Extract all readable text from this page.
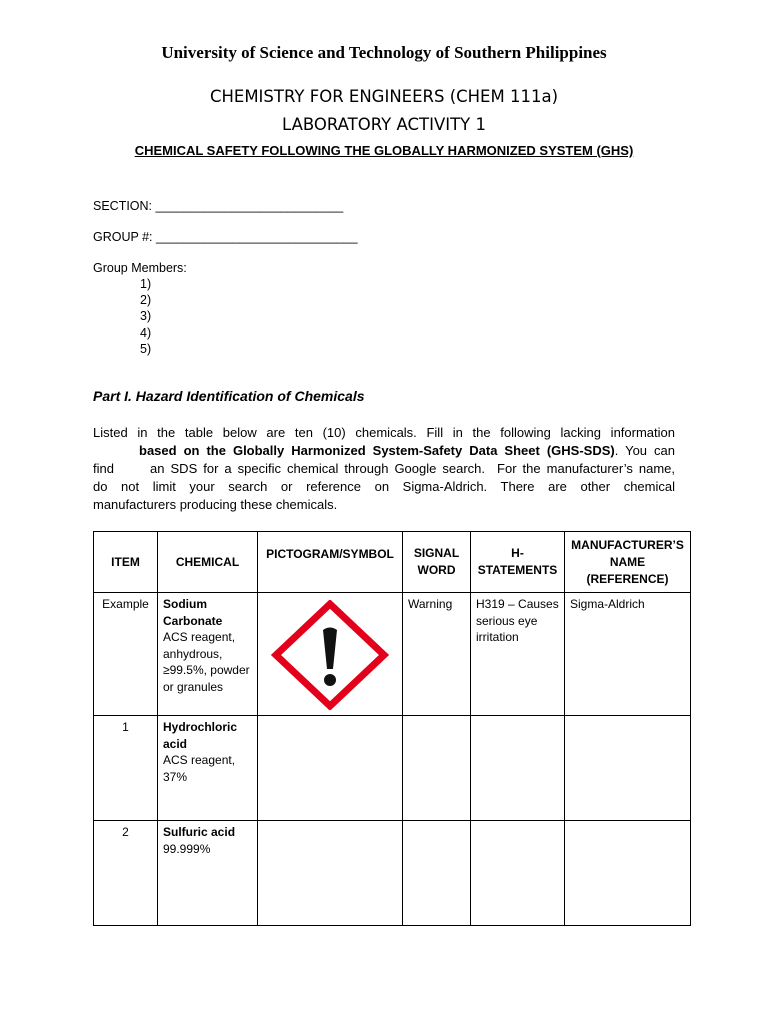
University of Science and Technology of Southern Philippines
CHEMISTRY FOR ENGINEERS (CHEM 111a)
LABORATORY ACTIVITY 1
CHEMICAL SAFETY FOLLOWING THE GLOBALLY HARMONIZED SYSTEM (GHS)
SECTION: ___________________________
GROUP #: _____________________________
Group Members:
1)
2)
3)
4)
5)
Part I. Hazard Identification of Chemicals
Listed in the table below are ten (10) chemicals. Fill in the following lacking information
based on the Globally Harmonized System-Safety Data Sheet (GHS-SDS). You can
find      an SDS for a specific chemical through Google search.  For the manufacturer’s name,
do not limit your search or reference on Sigma-Aldrich. There are other chemical
manufacturers producing these chemicals.
ITEM	CHEMICAL	PICTOGRAM/SYMBOL	SIGNAL WORD	H-STATEMENTS	MANUFACTURER’S NAME (REFERENCE)
Example	Sodium Carbonate
ACS reagent, anhydrous, ≥99.5%, powder or granules		Warning	H319 – Causes serious eye irritation	Sigma-Aldrich
1	Hydrochloric acid
ACS reagent, 37%				

2	Sulfuric acid
99.999%				
